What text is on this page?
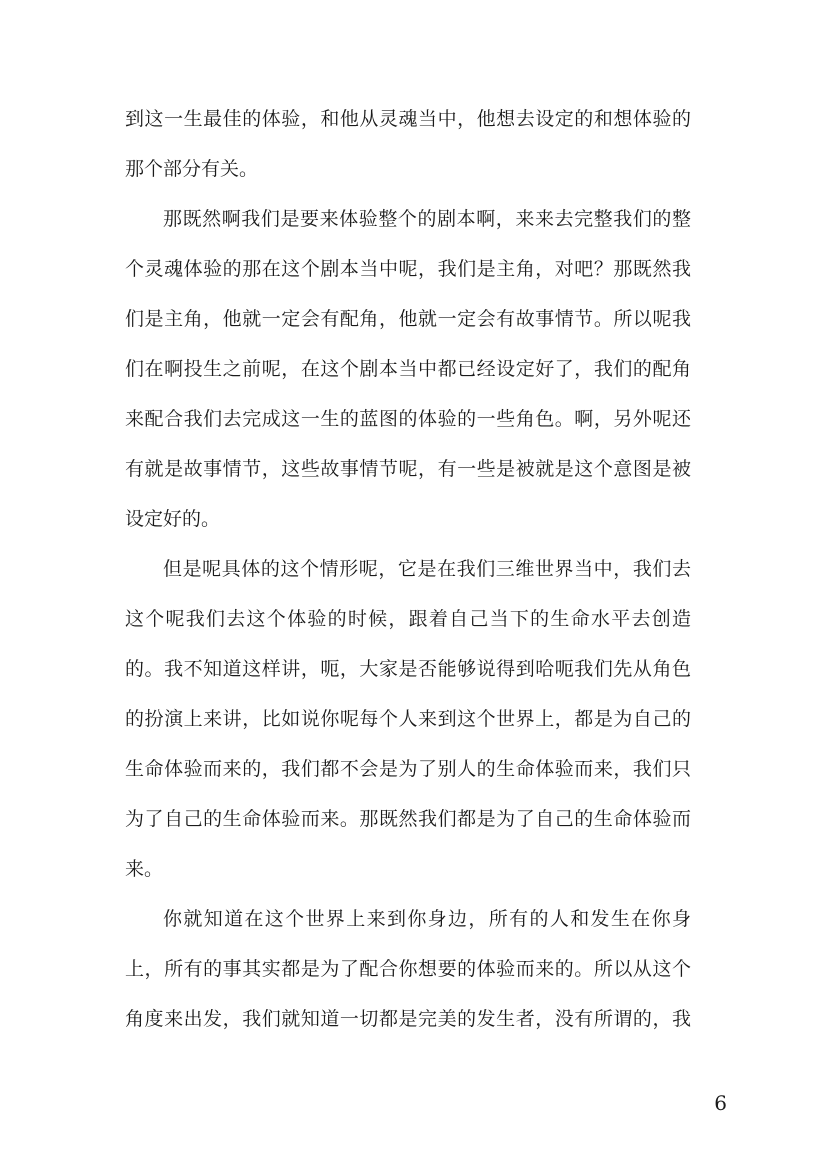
到这一生最佳的体验，和他从灵魂当中，他想去设定的和想体验的
那个部分有关。
那既然啊我们是要来体验整个的剧本啊，来来去完整我们的整
个灵魂体验的那在这个剧本当中呢，我们是主角，对吧？那既然我
们是主角，他就一定会有配角，他就一定会有故事情节。所以呢我
们在啊投生之前呢，在这个剧本当中都已经设定好了，我们的配角
来配合我们去完成这一生的蓝图的体验的一些角色。啊，另外呢还
有就是故事情节，这些故事情节呢，有一些是被就是这个意图是被
设定好的。
但是呢具体的这个情形呢，它是在我们三维世界当中，我们去
这个呢我们去这个体验的时候，跟着自己当下的生命水平去创造
的。我不知道这样讲，呃，大家是否能够说得到哈呃我们先从角色
的扮演上来讲，比如说你呢每个人来到这个世界上，都是为自己的
生命体验而来的，我们都不会是为了别人的生命体验而来，我们只
为了自己的生命体验而来。那既然我们都是为了自己的生命体验而
来。
你就知道在这个世界上来到你身边，所有的人和发生在你身
上，所有的事其实都是为了配合你想要的体验而来的。所以从这个
角度来出发，我们就知道一切都是完美的发生者，没有所谓的，我
6
